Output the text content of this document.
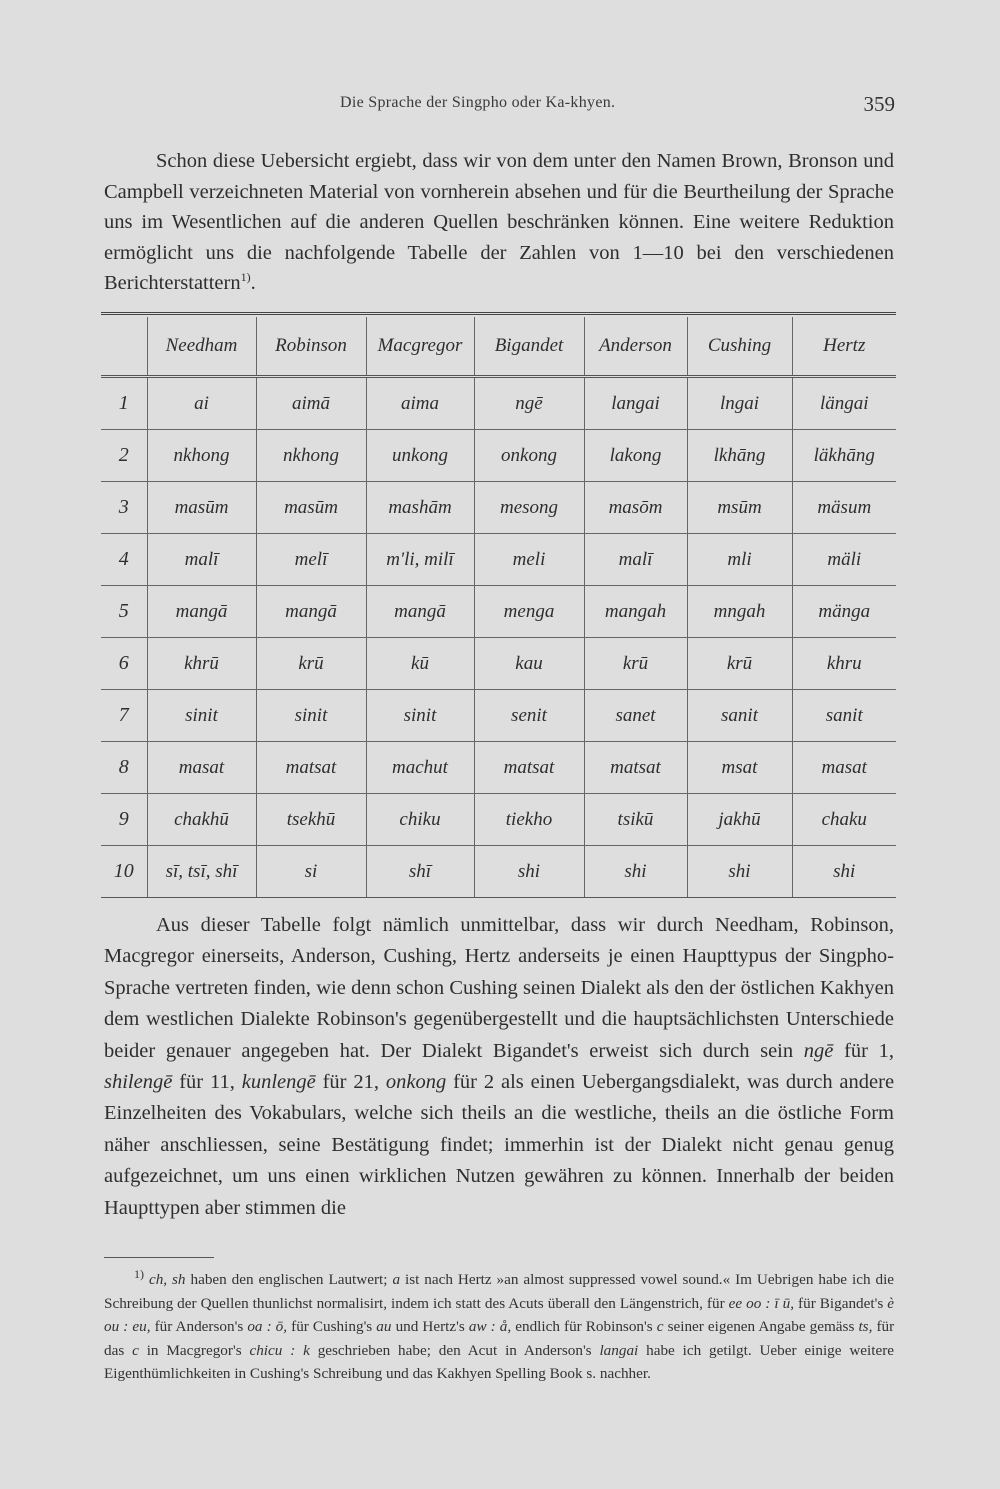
Die Sprache der Singpho oder Ka-khyen.	359

Schon diese Uebersicht ergiebt, dass wir von dem unter den Namen Brown, Bronson und Campbell verzeichneten Material von vornherein absehen und für die Beurtheilung der Sprache uns im Wesentlichen auf die anderen Quellen beschränken können. Eine weitere Reduktion ermöglicht uns die nachfolgende Tabelle der Zahlen von 1—10 bei den verschiedenen Berichterstattern$^{1)}$.

	Needham	Robinson	Macgregor	Bigandet	Anderson	Cushing	Hertz
1	ai	aimā	aima	ngē	langai	lngai	längai
2	nkhong	nkhong	unkong	onkong	lakong	lkhāng	läkhāng
3	masūm	masūm	mashām	mesong	masōm	msūm	mäsum
4	malī	melī	m'li, milī	meli	malī	mli	mäli
5	mangā	mangā	mangā	menga	mangah	mngah	mänga
6	khrū	krū	kū	kau	krū	krū	khru
7	sinit	sinit	sinit	senit	sanet	sanit	sanit
8	masat	matsat	machut	matsat	matsat	msat	masat
9	chakhū	tsekhū	chiku	tiekho	tsikū	jakhū	chaku
10	sī, tsī, shī	si	shī	shi	shi	shi	shi

Aus dieser Tabelle folgt nämlich unmittelbar, dass wir durch Needham, Robinson, Macgregor einerseits, Anderson, Cushing, Hertz anderseits je einen Haupttypus der Singpho-Sprache vertreten finden, wie denn schon Cushing seinen Dialekt als den der östlichen Kakhyen dem westlichen Dialekte Robinson's gegenübergestellt und die hauptsächlichsten Unterschiede beider genauer angegeben hat. Der Dialekt Bigandet's erweist sich durch sein ngē für 1, shilengē für 11, kunlengē für 21, onkong für 2 als einen Uebergangsdialekt, was durch andere Einzelheiten des Vokabulars, welche sich theils an die westliche, theils an die östliche Form näher anschliessen, seine Bestätigung findet; immerhin ist der Dialekt nicht genau genug aufgezeichnet, um uns einen wirklichen Nutzen gewähren zu können. Innerhalb der beiden Haupttypen aber stimmen die

$^{1)}$ ch, sh haben den englischen Lautwert; a ist nach Hertz »an almost suppressed vowel sound.« Im Uebrigen habe ich die Schreibung der Quellen thunlichst normalisirt, indem ich statt des Acuts überall den Längenstrich, für ee oo : ī ū, für Bigandet's è ou : eu, für Anderson's oa : ō, für Cushing's au und Hertz's aw : å, endlich für Robinson's c seiner eigenen Angabe gemäss ts, für das c in Macgregor's chicu : k geschrieben habe; den Acut in Anderson's langai habe ich getilgt. Ueber einige weitere Eigenthümlichkeiten in Cushing's Schreibung und das Kakhyen Spelling Book s. nachher.
